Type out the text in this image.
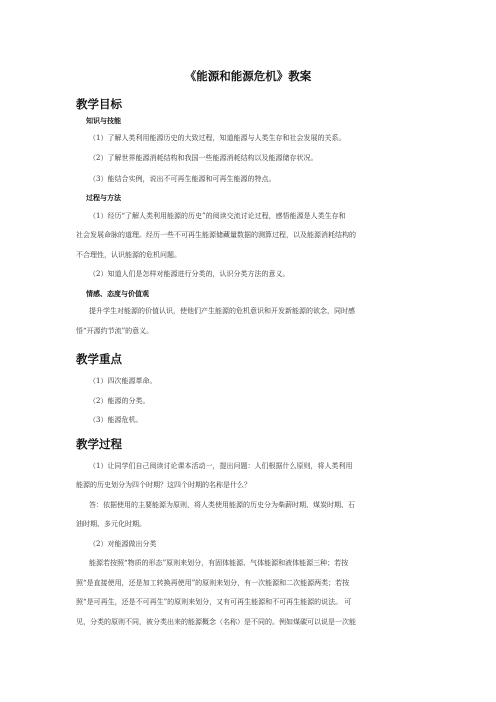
《能源和能源危机》教案
教学目标
知识与技能
（1）了解人类利用能源历史的大致过程，知道能源与人类生存和社会发展的关系。
（2）了解世界能源消耗结构和我国一些能源消耗结构以及能源储存状况。
（3）能结合实例，说出不可再生能源和可再生能源的特点。
过程与方法
（1）经历“了解人类利用能源的历史”的阅读交流讨论过程，感悟能源是人类生存和
社会发展命脉的道理。经历一些不可再生能源储藏量数据的测算过程，以及能源消耗结构的
不合理性，认识能源的危机问题。
（2）知道人们是怎样对能源进行分类的，认识分类方法的意义。
情感、态度与价值观
提升学生对能源的价值认识，使他们产生能源的危机意识和开发新能源的欲念，同时感
悟“开源约节流”的意义。
教学重点
（1）四次能源革命。
（2）能源的分类。
（3）能源危机。
教学过程
（1）让同学们自己阅读讨论课本活动一，提出问题：人们根据什么原则，将人类利用
能源的历史划分为四个时期？这四个时期的名称是什么？
答：依据使用的主要能源为原则，将人类使用能源的历史分为柴薪时期、煤炭时期、石
油时期、多元化时期。
（2）对能源做出分类
能源若按照“物质的形态”原则来划分，有固体能源、气体能源和液体能源三种；若按
照“是直接使用，还是加工转换再使用”的原则来划分，有一次能源和二次能源两类；若按
照“是可再生，还是不可再生”的原则来划分，又有可再生能源和不可再生能源的说法。 可
见，分类的原则不同，被分类出来的能源概念（名称）是不同的。例如煤碳可以说是一次能
